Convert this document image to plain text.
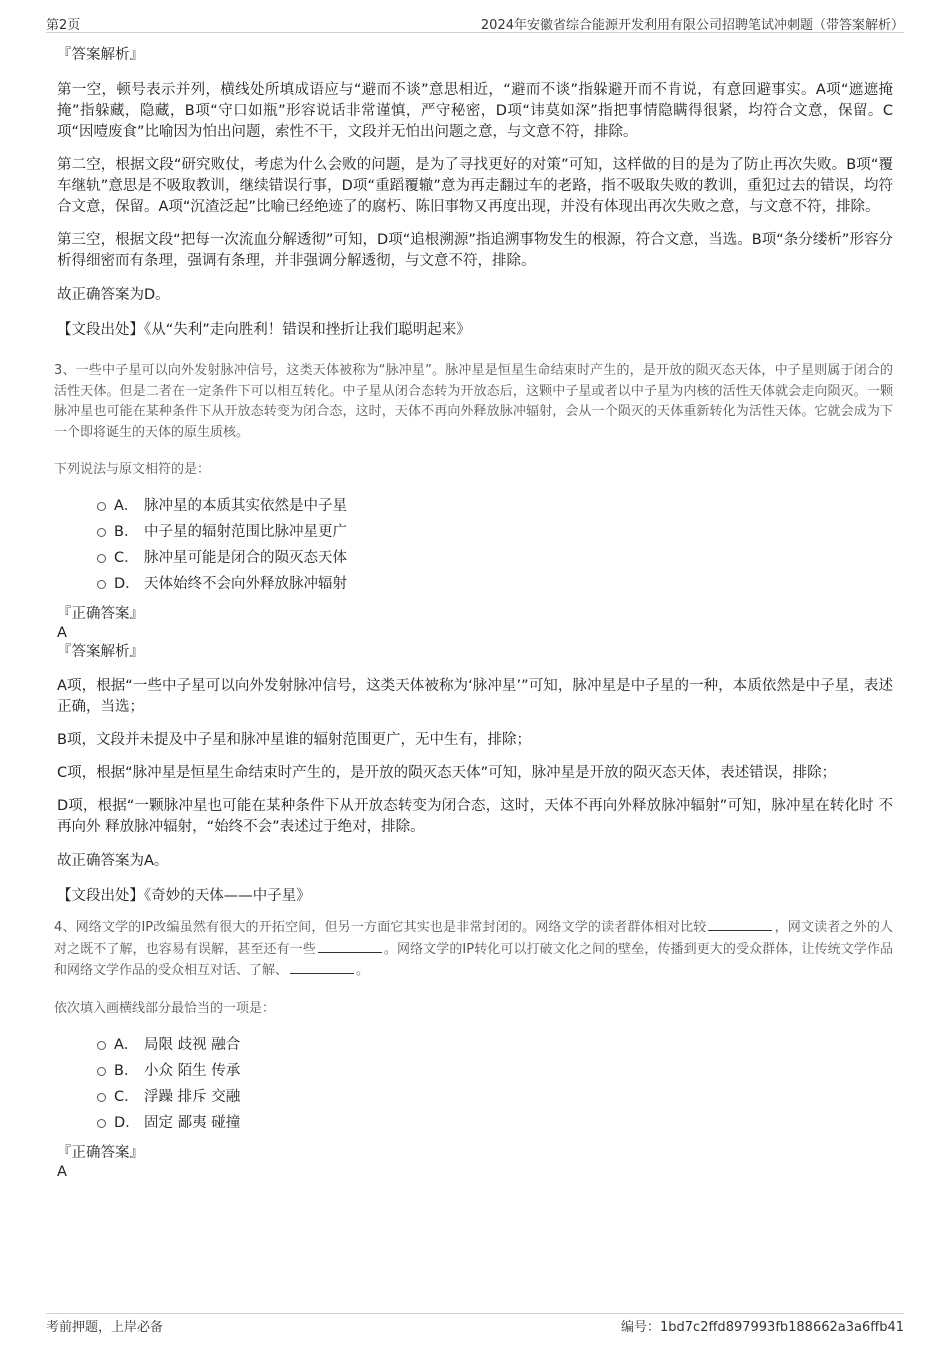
第2页	2024年安徽省综合能源开发利用有限公司招聘笔试冲刺题（带答案解析）

『答案解析』

第一空，顿号表示并列，横线处所填成语应与“避而不谈”意思相近，“避而不谈”指躲避开而不肯说，有意回避事实。A项“遮遮掩掩”指躲藏，隐藏，B项“守口如瓶”形容说话非常谨慎，严守秘密，D项“讳莫如深”指把事情隐瞒得很紧，均符合文意，保留。C项“因噎废食”比喻因为怕出问题，索性不干，文段并无怕出问题之意，与文意不符，排除。

第二空，根据文段“研究败仗，考虑为什么会败的问题，是为了寻找更好的对策”可知，这样做的目的是为了防止再次失败。B项“覆车继轨”意思是不吸取教训，继续错误行事，D项“重蹈覆辙”意为再走翻过车的老路，指不吸取失败的教训，重犯过去的错误，均符合文意，保留。A项“沉渣泛起”比喻已经绝迹了的腐朽、陈旧事物又再度出现，并没有体现出再次失败之意，与文意不符，排除。

第三空，根据文段“把每一次流血分解透彻”可知，D项“追根溯源”指追溯事物发生的根源，符合文意，当选。B项“条分缕析”形容分析得细密而有条理，强调有条理，并非强调分解透彻，与文意不符，排除。

故正确答案为D。

【文段出处】《从“失利”走向胜利！错误和挫折让我们聪明起来》

3、一些中子星可以向外发射脉冲信号，这类天体被称为“脉冲星”。脉冲星是恒星生命结束时产生的，是开放的陨灭态天体，中子星则属于闭合的活性天体。但是二者在一定条件下可以相互转化。中子星从闭合态转为开放态后，这颗中子星或者以中子星为内核的活性天体就会走向陨灭。一颗脉冲星也可能在某种条件下从开放态转变为闭合态，这时，天体不再向外释放脉冲辐射，会从一个陨灭的天体重新转化为活性天体。它就会成为下一个即将诞生的天体的原生质核。

下列说法与原文相符的是：

A． 脉冲星的本质其实依然是中子星
B． 中子星的辐射范围比脉冲星更广
C． 脉冲星可能是闭合的陨灭态天体
D． 天体始终不会向外释放脉冲辐射

『正确答案』

A

『答案解析』

A项，根据“一些中子星可以向外发射脉冲信号，这类天体被称为‘脉冲星’”可知，脉冲星是中子星的一种，本质依然是中子星，表述正确，当选；

B项，文段并未提及中子星和脉冲星谁的辐射范围更广，无中生有，排除；

C项，根据“脉冲星是恒星生命结束时产生的，是开放的陨灭态天体”可知，脉冲星是开放的陨灭态天体，表述错误，排除；

D项，根据“一颗脉冲星也可能在某种条件下从开放态转变为闭合态，这时，天体不再向外释放脉冲辐射”可知，脉冲星在转化时 不再向外 释放脉冲辐射，“始终不会”表述过于绝对，排除。

故正确答案为A。

【文段出处】《奇妙的天体——中子星》

4、网络文学的IP改编虽然有很大的开拓空间，但另一方面它其实也是非常封闭的。网络文学的读者群体相对比较	，网文读者之外的人对之既不了解，也容易有误解，甚至还有一些	。网络文学的IP转化可以打破文化之间的壁垒，传播到更大的受众群体，让传统文学作品和网络文学作品的受众相互对话、了解、	。

依次填入画横线部分最恰当的一项是：

A． 局限 歧视 融合
B． 小众 陌生 传承
C． 浮躁 排斥 交融
D． 固定 鄙夷 碰撞

『正确答案』

A

考前押题，上岸必备	编号：1bd7c2ffd897993fb188662a3a6ffb41
